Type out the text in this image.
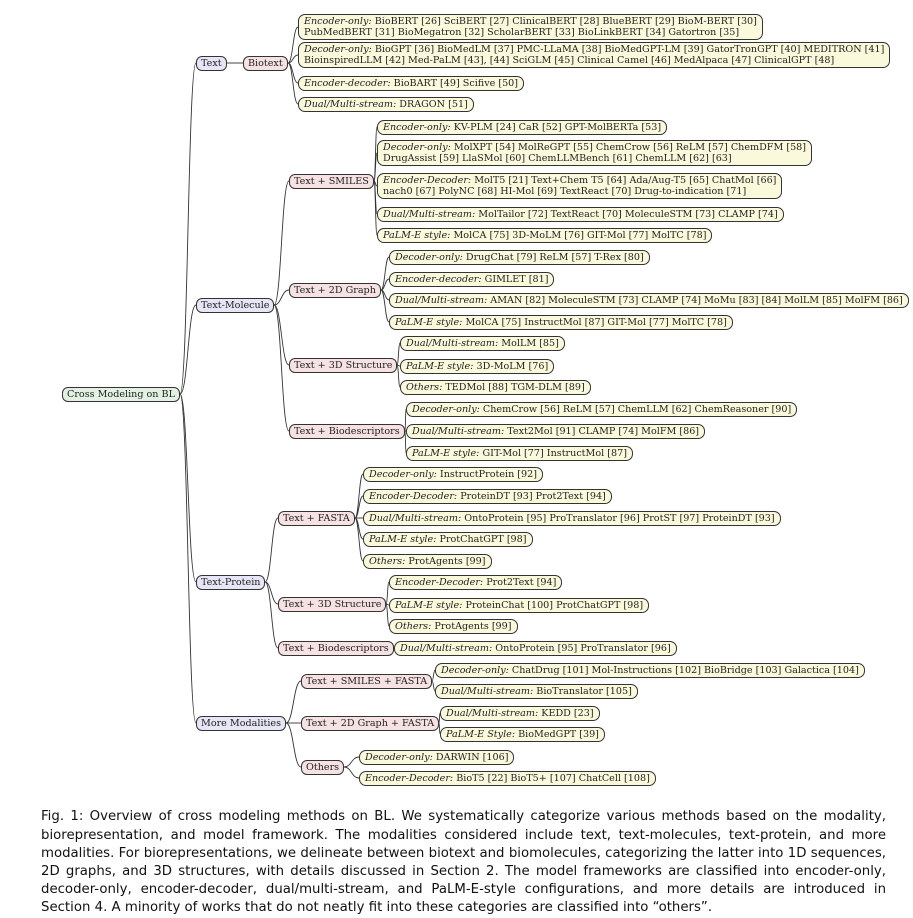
Cross Modeling on BL
Text	Biotext
Encoder-only: BioBERT [26] SciBERT [27] ClinicalBERT [28] BlueBERT [29] BioM-BERT [30]
PubMedBERT [31] BioMegatron [32] ScholarBERT [33] BioLinkBERT [34] Gatortron [35]
Decoder-only: BioGPT [36] BioMedLM [37] PMC-LLaMA [38] BioMedGPT-LM [39] GatorTronGPT [40] MEDITRON [41]
BioinspiredLLM [42] Med-PaLM [43], [44] SciGLM [45] Clinical Camel [46] MedAlpaca [47] ClinicalGPT [48]
Encoder-decoder: BioBART [49] Scifive [50]
Dual/Multi-stream: DRAGON [51]
Text-Molecule
Text + SMILES
Encoder-only: KV-PLM [24] CaR [52] GPT-MolBERTa [53]
Decoder-only: MolXPT [54] MolReGPT [55] ChemCrow [56] ReLM [57] ChemDFM [58]
DrugAssist [59] LlaSMol [60] ChemLLMBench [61] ChemLLM [62] [63]
Encoder-Decoder: MolT5 [21] Text+Chem T5 [64] Ada/Aug-T5 [65] ChatMol [66]
nach0 [67] PolyNC [68] HI-Mol [69] TextReact [70] Drug-to-indication [71]
Dual/Multi-stream: MolTailor [72] TextReact [70] MoleculeSTM [73] CLAMP [74]
PaLM-E style: MolCA [75] 3D-MoLM [76] GIT-Mol [77] MolTC [78]
Text + 2D Graph
Decoder-only: DrugChat [79] ReLM [57] T-Rex [80]
Encoder-decoder: GIMLET [81]
Dual/Multi-stream: AMAN [82] MoleculeSTM [73] CLAMP [74] MoMu [83] [84] MolLM [85] MolFM [86]
PaLM-E style: MolCA [75] InstructMol [87] GIT-Mol [77] MolTC [78]
Text + 3D Structure
Dual/Multi-stream: MolLM [85]
PaLM-E style: 3D-MoLM [76]
Others: TEDMol [88] TGM-DLM [89]
Text + Biodescriptors
Decoder-only: ChemCrow [56] ReLM [57] ChemLLM [62] ChemReasoner [90]
Dual/Multi-stream: Text2Mol [91] CLAMP [74] MolFM [86]
PaLM-E style: GIT-Mol [77] InstructMol [87]
Text-Protein
Text + FASTA
Decoder-only: InstructProtein [92]
Encoder-Decoder: ProteinDT [93] Prot2Text [94]
Dual/Multi-stream: OntoProtein [95] ProTranslator [96] ProtST [97] ProteinDT [93]
PaLM-E style: ProtChatGPT [98]
Others: ProtAgents [99]
Text + 3D Structure
Encoder-Decoder: Prot2Text [94]
PaLM-E style: ProteinChat [100] ProtChatGPT [98]
Others: ProtAgents [99]
Text + Biodescriptors	Dual/Multi-stream: OntoProtein [95] ProTranslator [96]
More Modalities
Text + SMILES + FASTA
Decoder-only: ChatDrug [101] Mol-Instructions [102] BioBridge [103] Galactica [104]
Dual/Multi-stream: BioTranslator [105]
Text + 2D Graph + FASTA
Dual/Multi-stream: KEDD [23]
PaLM-E Style: BioMedGPT [39]
Others
Decoder-only: DARWIN [106]
Encoder-Decoder: BioT5 [22] BioT5+ [107] ChatCell [108]

Fig. 1: Overview of cross modeling methods on BL. We systematically categorize various methods based on the modality, biorepresentation, and model framework. The modalities considered include text, text-molecules, text-protein, and more modalities. For biorepresentations, we delineate between biotext and biomolecules, categorizing the latter into 1D sequences, 2D graphs, and 3D structures, with details discussed in Section 2. The model frameworks are classified into encoder-only, decoder-only, encoder-decoder, dual/multi-stream, and PaLM-E-style configurations, and more details are introduced in Section 4. A minority of works that do not neatly fit into these categories are classified into “others”.
